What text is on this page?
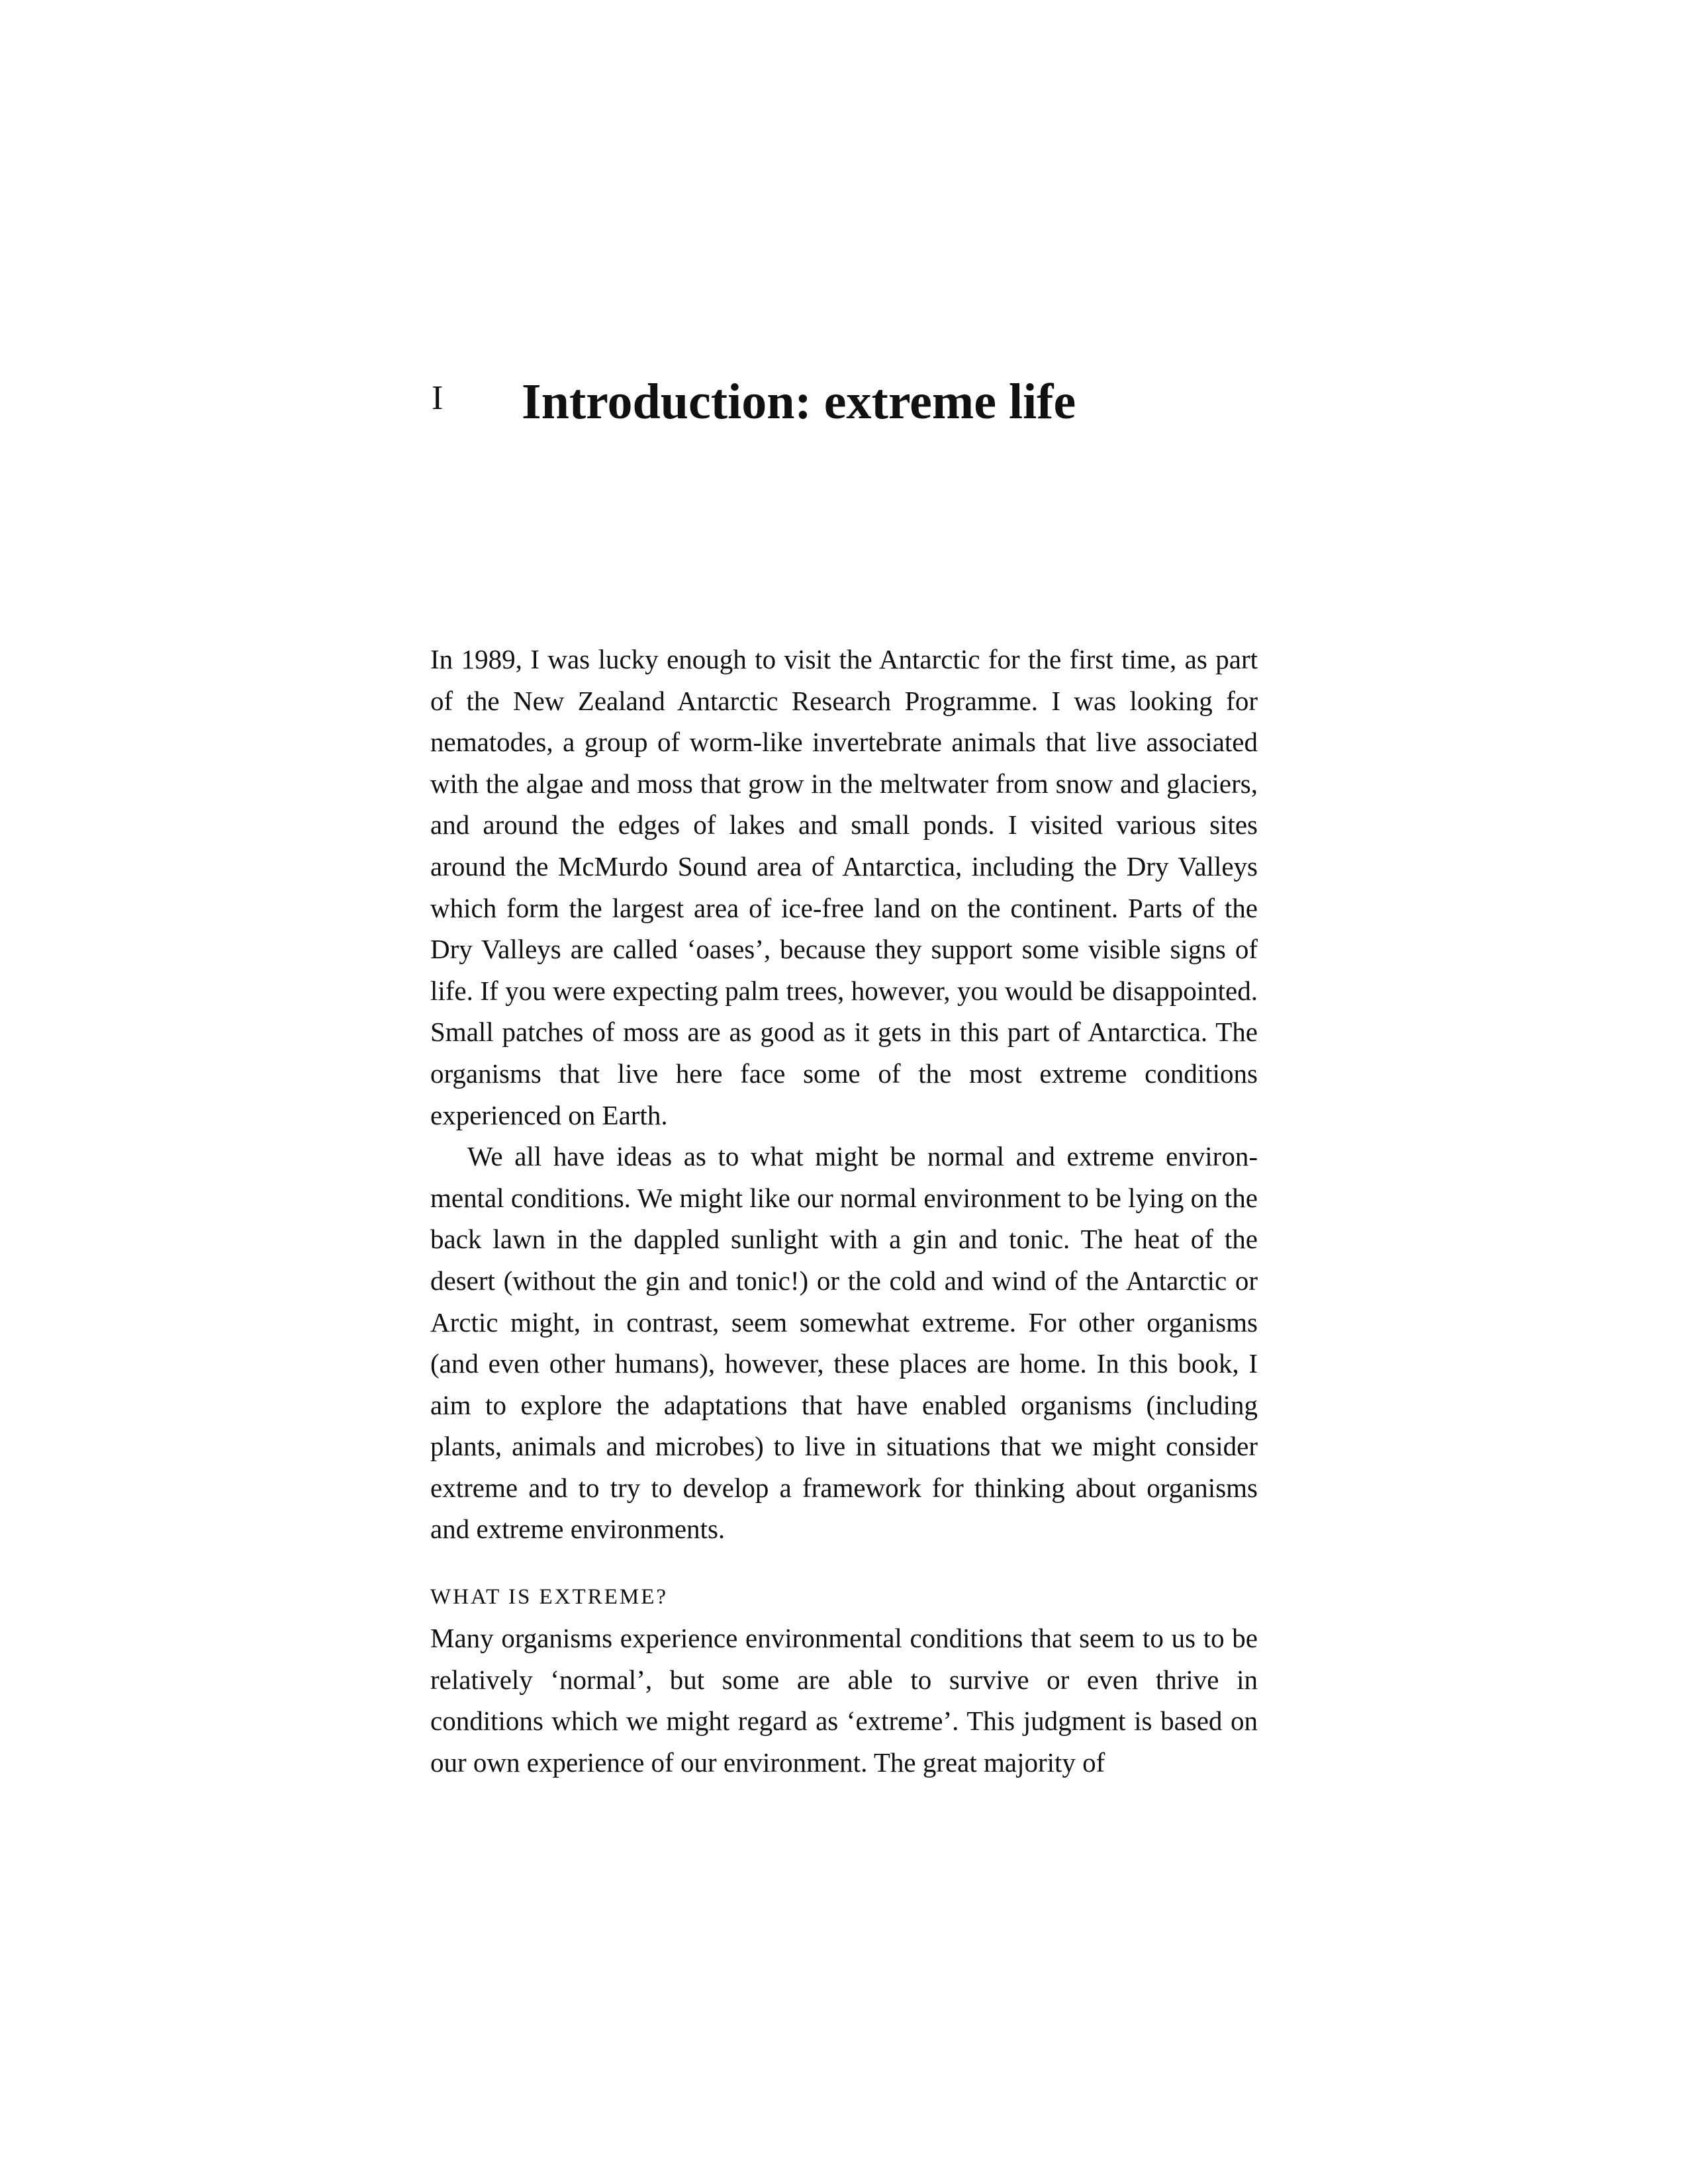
I Introduction: extreme life

In 1989, I was lucky enough to visit the Antarctic for the first time, as part of the New Zealand Antarctic Research Programme. I was looking for nematodes, a group of worm-like invertebrate animals that live associated with the algae and moss that grow in the meltwater from snow and glaciers, and around the edges of lakes and small ponds. I visited various sites around the McMurdo Sound area of Antarctica, including the Dry Valleys which form the largest area of ice-free land on the continent. Parts of the Dry Valleys are called ‘oases’, because they support some visible signs of life. If you were expecting palm trees, however, you would be disappointed. Small patches of moss are as good as it gets in this part of Antarctica. The organisms that live here face some of the most extreme conditions experienced on Earth.

We all have ideas as to what might be normal and extreme environmental conditions. We might like our normal environment to be lying on the back lawn in the dappled sunlight with a gin and tonic. The heat of the desert (without the gin and tonic!) or the cold and wind of the Antarctic or Arctic might, in contrast, seem somewhat extreme. For other organisms (and even other humans), however, these places are home. In this book, I aim to explore the adaptations that have enabled organisms (including plants, animals and microbes) to live in situations that we might consider extreme and to try to develop a framework for thinking about organisms and extreme environments.

WHAT IS EXTREME?

Many organisms experience environmental conditions that seem to us to be relatively ‘normal’, but some are able to survive or even thrive in conditions which we might regard as ‘extreme’. This judgment is based on our own experience of our environment. The great majority of
